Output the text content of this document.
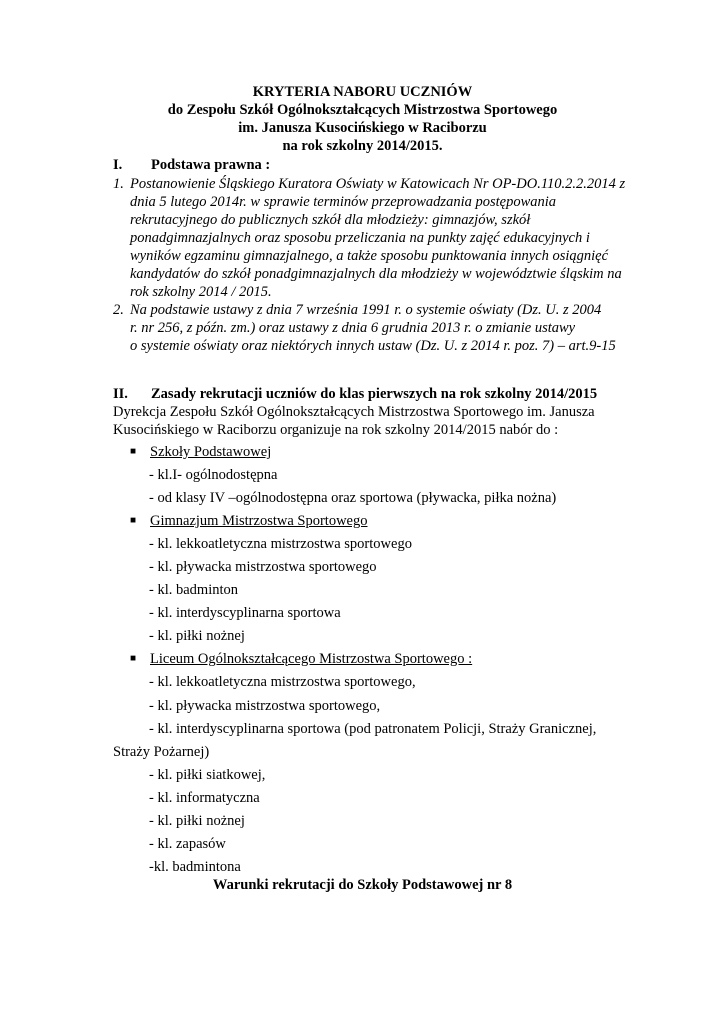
KRYTERIA NABORU UCZNIÓW
do Zespołu Szkół Ogólnokształcących Mistrzostwa Sportowego
im. Janusza Kusocińskiego w Raciborzu
na rok szkolny 2014/2015.
I. Podstawa prawna :
1. Postanowienie Śląskiego Kuratora Oświaty w Katowicach Nr OP-DO.110.2.2.2014 z
dnia 5 lutego 2014r. w sprawie terminów przeprowadzania postępowania
rekrutacyjnego do publicznych szkół dla młodzieży: gimnazjów, szkół
ponadgimnazjalnych oraz sposobu przeliczania na punkty zajęć edukacyjnych i
wyników egzaminu gimnazjalnego, a także sposobu punktowania innych osiągnięć
kandydatów do szkół ponadgimnazjalnych dla młodzieży w województwie śląskim na
rok szkolny 2014 / 2015.
2. Na podstawie ustawy z dnia 7 września 1991 r. o systemie oświaty (Dz. U. z 2004
r. nr 256, z późn. zm.) oraz ustawy z dnia 6 grudnia 2013 r. o zmianie ustawy
o systemie oświaty oraz niektórych innych ustaw (Dz. U. z 2014 r. poz. 7) – art.9-15
II. Zasady rekrutacji uczniów do klas pierwszych na rok szkolny 2014/2015
Dyrekcja Zespołu Szkół Ogólnokształcących Mistrzostwa Sportowego im. Janusza
Kusocińskiego w Raciborzu organizuje na rok szkolny 2014/2015 nabór do :
■ Szkoły Podstawowej
- kl.I- ogólnodostępna
- od klasy IV –ogólnodostępna oraz sportowa (pływacka, piłka nożna)
■ Gimnazjum Mistrzostwa Sportowego
- kl. lekkoatletyczna mistrzostwa sportowego
- kl. pływacka mistrzostwa sportowego
- kl. badminton
- kl. interdyscyplinarna sportowa
- kl. piłki nożnej
■ Liceum Ogólnokształcącego Mistrzostwa Sportowego :
- kl. lekkoatletyczna mistrzostwa sportowego,
- kl. pływacka mistrzostwa sportowego,
- kl. interdyscyplinarna sportowa (pod patronatem Policji, Straży Granicznej,
Straży Pożarnej)
- kl. piłki siatkowej,
- kl. informatyczna
- kl. piłki nożnej
- kl. zapasów
-kl. badmintona
Warunki rekrutacji do Szkoły Podstawowej nr 8
